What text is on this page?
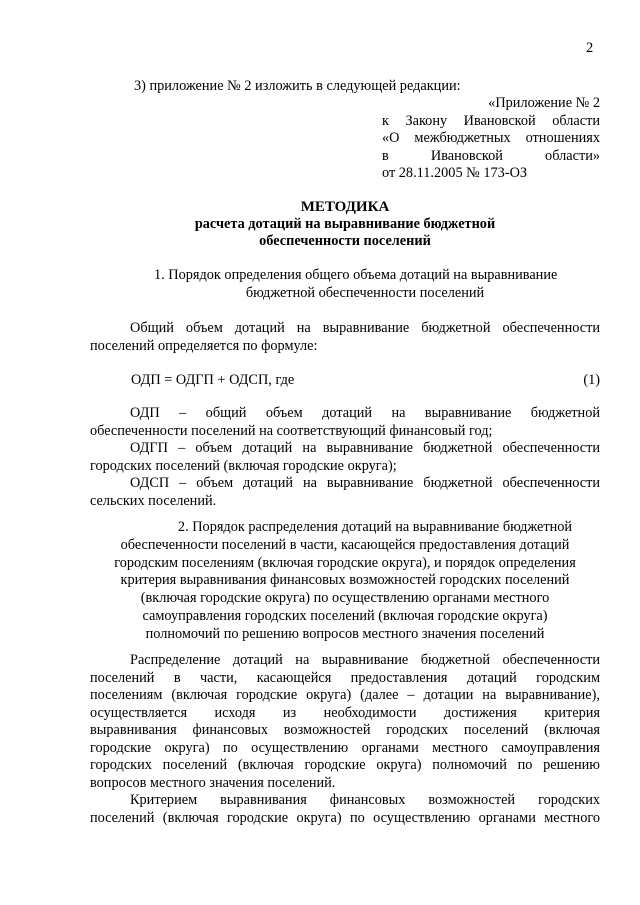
2
3) приложение № 2 изложить в следующей редакции:
«Приложение № 2
к Закону Ивановской области
«О межбюджетных отношениях
в Ивановской области»
от 28.11.2005 № 173-ОЗ
МЕТОДИКА
расчета дотаций на выравнивание бюджетной
обеспеченности поселений
1. Порядок определения общего объема дотаций на выравнивание
бюджетной обеспеченности поселений
Общий объем дотаций на выравнивание бюджетной обеспеченности
поселений определяется по формуле:
ОДП = ОДГП + ОДСП, где	(1)
ОДП – общий объем дотаций на выравнивание бюджетной
обеспеченности поселений на соответствующий финансовый год;
ОДГП – объем дотаций на выравнивание бюджетной обеспеченности
городских поселений (включая городские округа);
ОДСП – объем дотаций на выравнивание бюджетной обеспеченности
сельских поселений.
2. Порядок распределения дотаций на выравнивание бюджетной
обеспеченности поселений в части, касающейся предоставления дотаций
городским поселениям (включая городские округа), и порядок определения
критерия выравнивания финансовых возможностей городских поселений
(включая городские округа) по осуществлению органами местного
самоуправления городских поселений (включая городские округа)
полномочий по решению вопросов местного значения поселений
Распределение дотаций на выравнивание бюджетной обеспеченности
поселений в части, касающейся предоставления дотаций городским
поселениям (включая городские округа) (далее – дотации на выравнивание),
осуществляется исходя из необходимости достижения критерия
выравнивания финансовых возможностей городских поселений (включая
городские округа) по осуществлению органами местного самоуправления
городских поселений (включая городские округа) полномочий по решению
вопросов местного значения поселений.
Критерием выравнивания финансовых возможностей городских
поселений (включая городские округа) по осуществлению органами местного
